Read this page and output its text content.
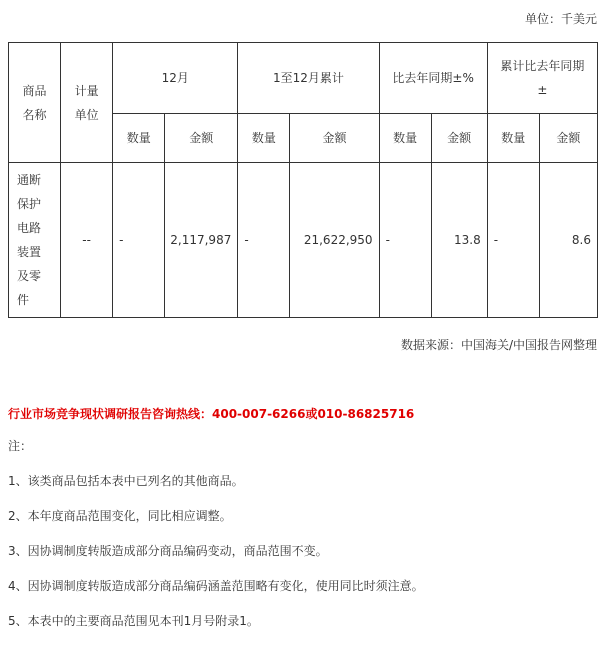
单位：千美元
商品名称	计量单位	12月		1至12月累计		比去年同期±%		累计比去年同期±	
		数量	金额	数量	金额	数量	金额	数量	金额
通断保护电路装置及零件	--	-	2,117,987	-	21,622,950	-	13.8	-	8.6
数据来源：中国海关/中国报告网整理
行业市场竞争现状调研报告咨询热线：400-007-6266或010-86825716

注：

1、该类商品包括本表中已列名的其他商品。

2、本年度商品范围变化，同比相应调整。

3、因协调制度转版造成部分商品编码变动，商品范围不变。

4、因协调制度转版造成部分商品编码涵盖范围略有变化，使用同比时须注意。

5、本表中的主要商品范围见本刊1月号附录1。
